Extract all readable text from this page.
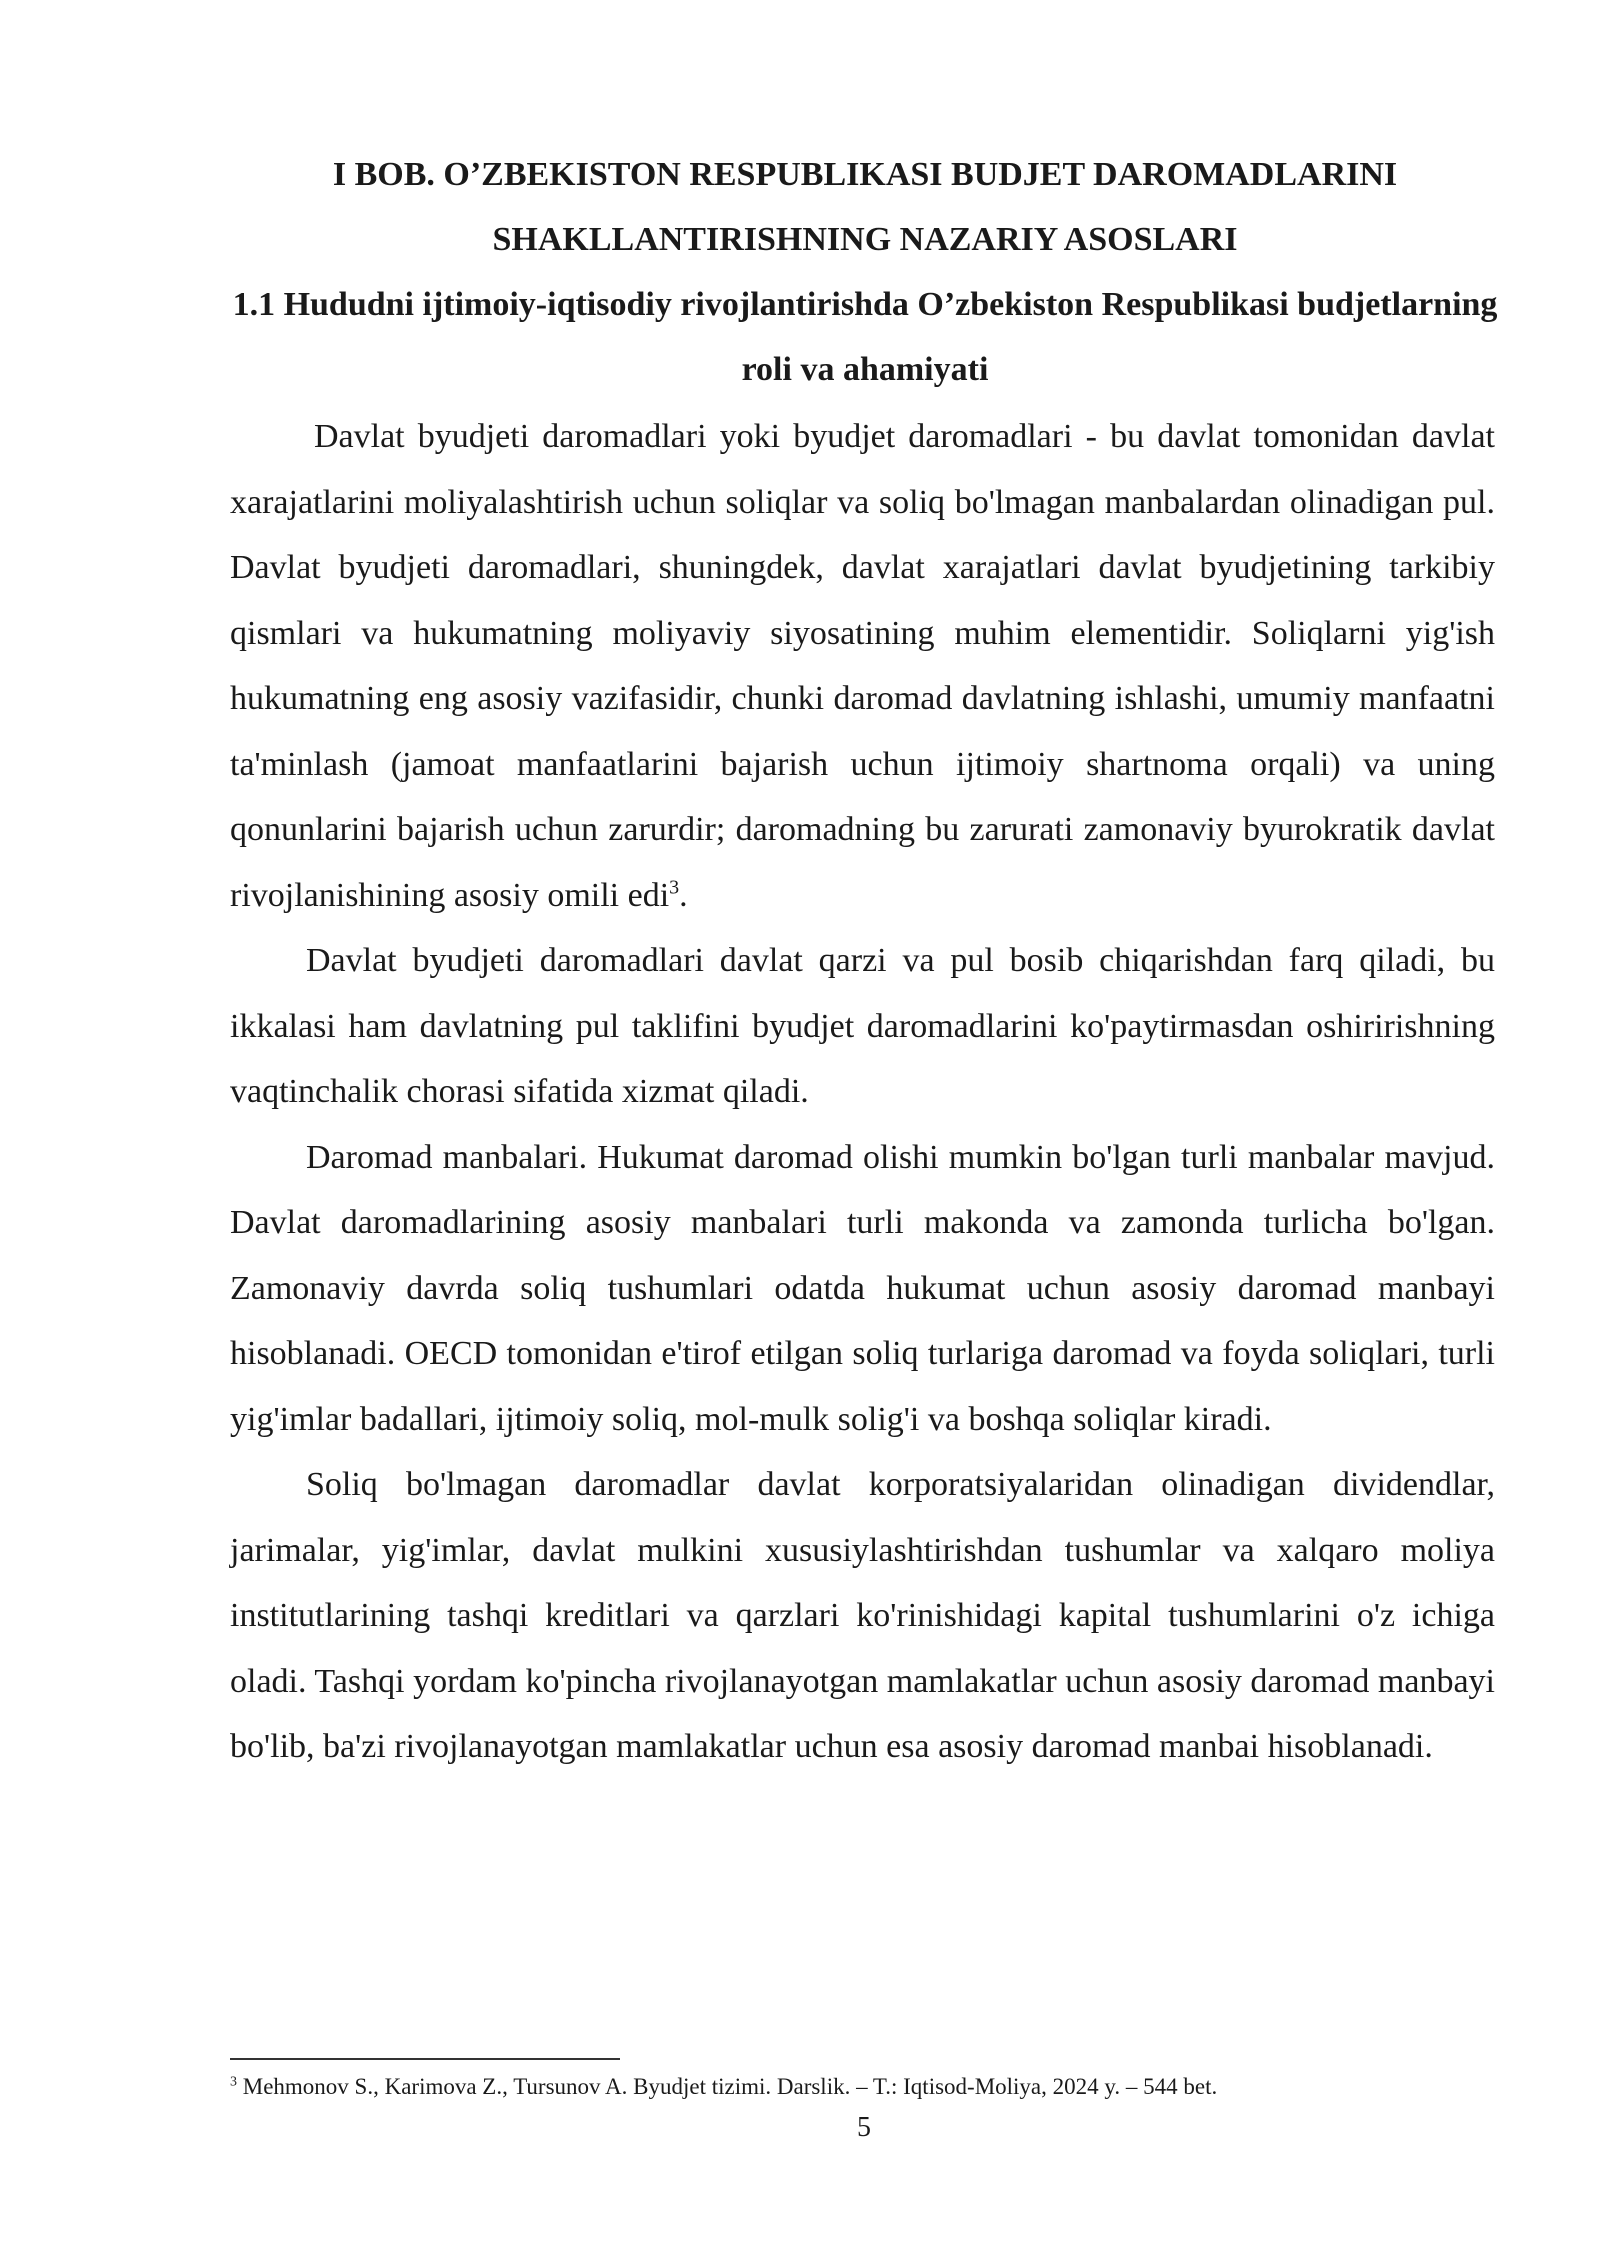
I BOB. O’ZBEKISTON RESPUBLIKASI BUDJET DAROMADLARINI SHAKLLANTIRISHNING NAZARIY ASOSLARI
1.1 Hududni ijtimoiy-iqtisodiy rivojlantirishda O’zbekiston Respublikasi budjetlarning roli va ahamiyati

Davlat byudjeti daromadlari yoki byudjet daromadlari - bu davlat tomonidan davlat xarajatlarini moliyalashtirish uchun soliqlar va soliq bo'lmagan manbalardan olinadigan pul. Davlat byudjeti daromadlari, shuningdek, davlat xarajatlari davlat byudjetining tarkibiy qismlari va hukumatning moliyaviy siyosatining muhim elementidir. Soliqlarni yig'ish hukumatning eng asosiy vazifasidir, chunki daromad davlatning ishlashi, umumiy manfaatni ta'minlash (jamoat manfaatlarini bajarish uchun ijtimoiy shartnoma orqali) va uning qonunlarini bajarish uchun zarurdir; daromadning bu zarurati zamonaviy byurokratik davlat rivojlanishining asosiy omili edi$^3$.

Davlat byudjeti daromadlari davlat qarzi va pul bosib chiqarishdan farq qiladi, bu ikkalasi ham davlatning pul taklifini byudjet daromadlarini ko'paytirmasdan oshiririshning vaqtinchalik chorasi sifatida xizmat qiladi.

Daromad manbalari. Hukumat daromad olishi mumkin bo'lgan turli manbalar mavjud. Davlat daromadlarining asosiy manbalari turli makonda va zamonda turlicha bo'lgan. Zamonaviy davrda soliq tushumlari odatda hukumat uchun asosiy daromad manbayi hisoblanadi. OECD tomonidan e'tirof etilgan soliq turlariga daromad va foyda soliqlari, turli yig'imlar badallari, ijtimoiy soliq, mol-mulk solig'i va boshqa soliqlar kiradi.

Soliq bo'lmagan daromadlar davlat korporatsiyalaridan olinadigan dividendlar, jarimalar, yig'imlar, davlat mulkini xususiylashtirishdan tushumlar va xalqaro moliya institutlarining tashqi kreditlari va qarzlari ko'rinishidagi kapital tushumlarini o'z ichiga oladi. Tashqi yordam ko'pincha rivojlanayotgan mamlakatlar uchun asosiy daromad manbayi bo'lib, ba'zi rivojlanayotgan mamlakatlar uchun esa asosiy daromad manbai hisoblanadi.

$^3$ Mehmonov S., Karimova Z., Tursunov A. Byudjet tizimi. Darslik. – T.: Iqtisod-Moliya, 2024 y. – 544 bet.

5
